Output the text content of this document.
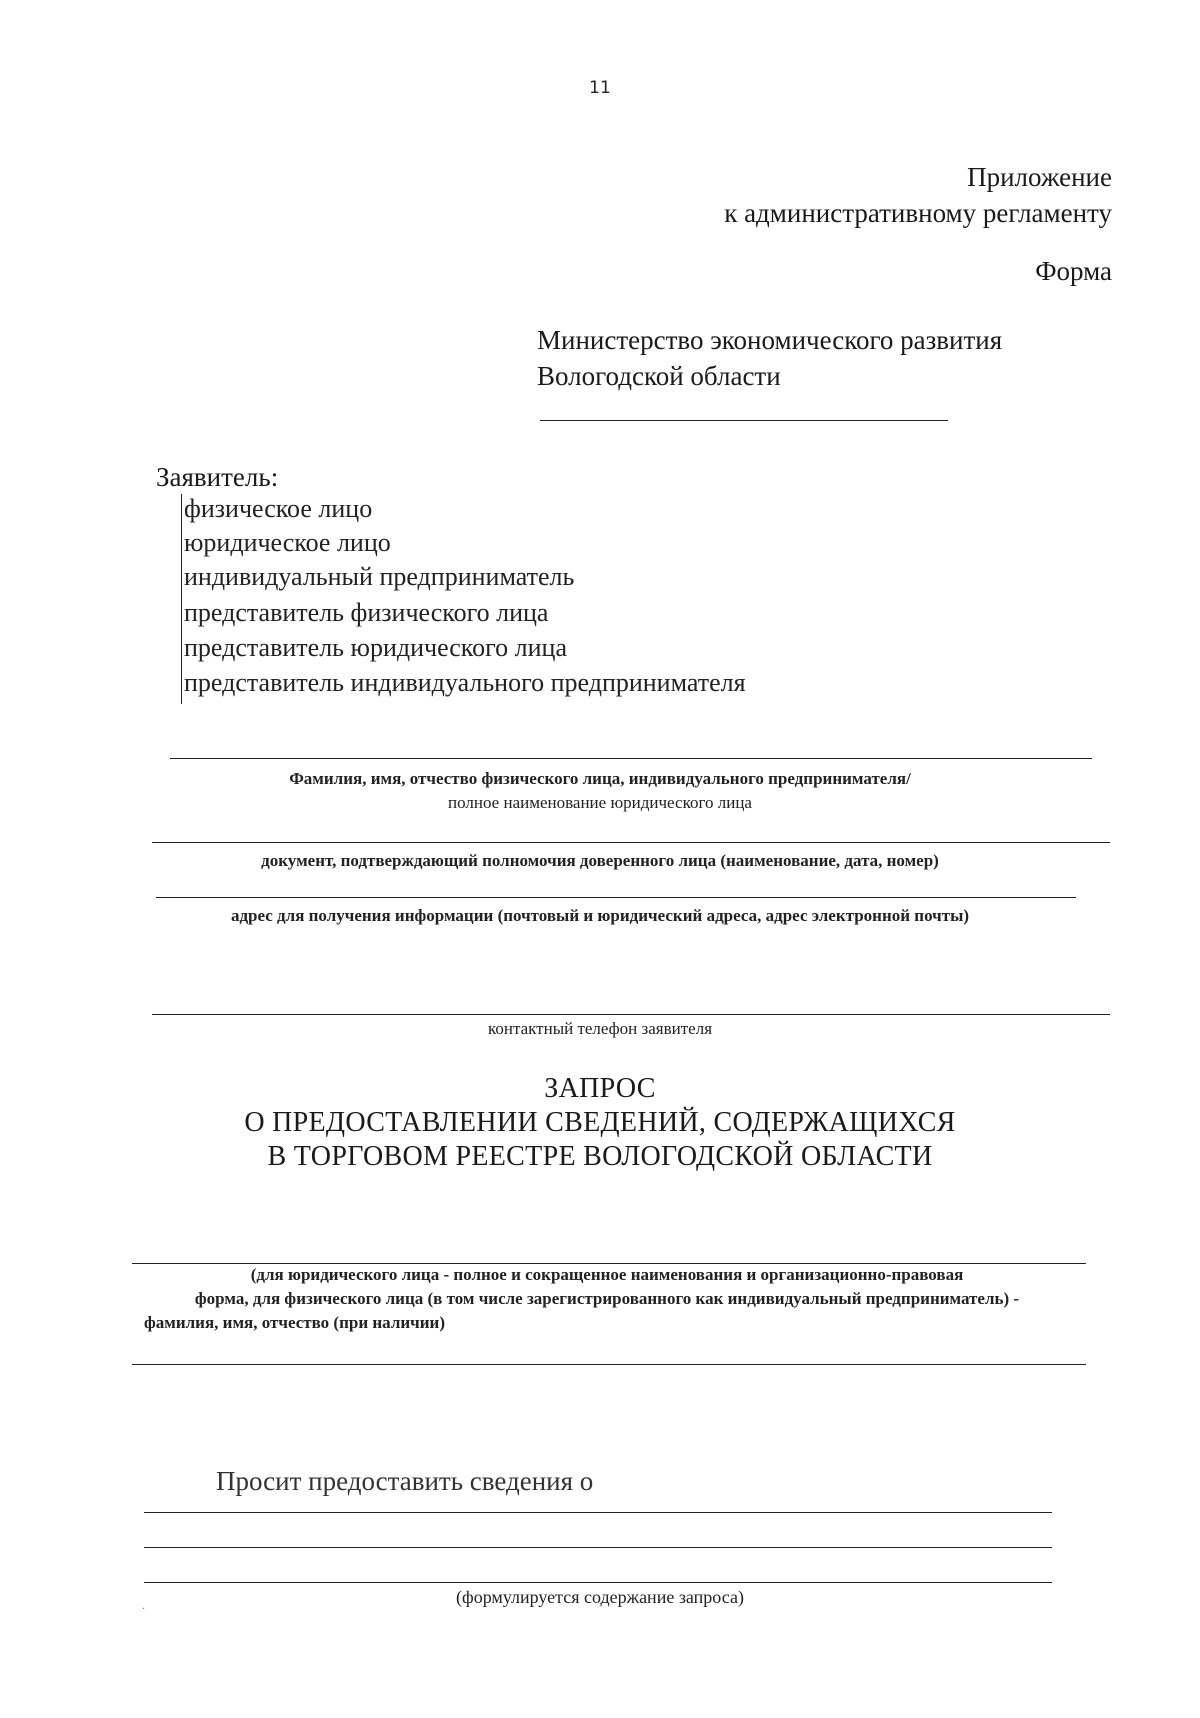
11
Приложение
к административному регламенту
Форма
Министерство экономического развития
Вологодской области
Заявитель:
физическое лицо
юридическое лицо
индивидуальный предприниматель
представитель физического лица
представитель юридического лица
представитель индивидуального предпринимателя
Фамилия, имя, отчество физического лица, индивидуального предпринимателя/
полное наименование юридического лица
документ, подтверждающий полномочия доверенного лица (наименование, дата, номер)
адрес для получения информации (почтовый и юридический адреса, адрес электронной почты)
контактный телефон заявителя
ЗАПРОС
О ПРЕДОСТАВЛЕНИИ СВЕДЕНИЙ, СОДЕРЖАЩИХСЯ
В ТОРГОВОМ РЕЕСТРЕ ВОЛОГОДСКОЙ ОБЛАСТИ
(для юридического лица - полное и сокращенное наименования и организационно-правовая
форма, для физического лица (в том числе зарегистрированного как индивидуальный предприниматель) -
фамилия, имя, отчество (при наличии)
Просит предоставить сведения о
(формулируется содержание запроса)
.
